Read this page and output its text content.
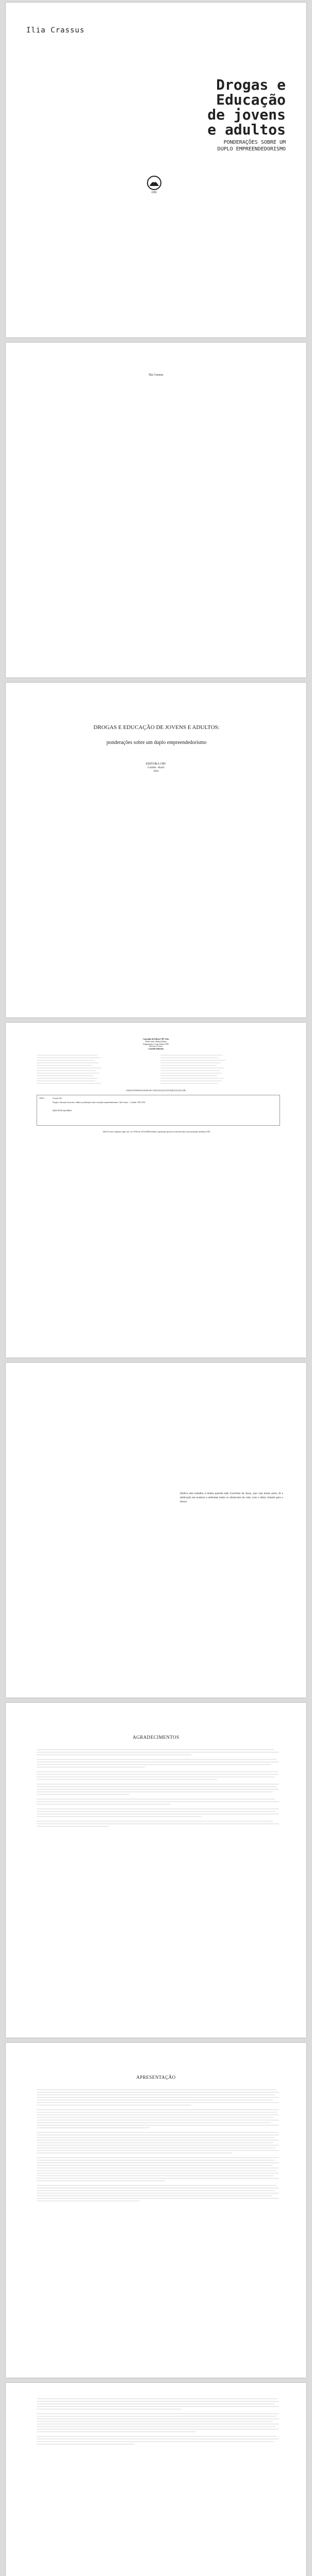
Ilia Crassus
Drogas e
Educação
de jovens
e adultos
PONDERAÇÕES SOBRE UM
DUPLO EMPREENDEDORISMO
CRV
Ilia Crassus
DROGAS E EDUCAÇÃO DE JOVENS E ADULTOS:
ponderações sobre um duplo empreendedorismo
EDITORA CRV
Curitiba - Brasil
2016
Copyright da Editora CRV Ltda.
Editor-chefe: Railson Moura
Diagramação e Capa: Editora CRV
Revisão: O Autor
Conselho Editorial:
DADOS INTERNACIONAIS DE CATALOGAÇÃO NA PUBLICAÇÃO (CIP)
C891d	Crassus, Ilia
Drogas e educação de jovens e adultos: ponderações sobre um duplo empreendedorismo / Ilia Crassus – Curitiba: CRV, 2016.
ISBN 978-85-444-0000-0
2016 Foi feito o depósito legal conf. Lei 10.994 de 14/12/2004 Proibida a reprodução parcial ou total desta obra sem autorização da Editora CRV
Dedico este trabalho à minha querida mãe Gracilene de Jesus, que com muito amor, fé e dedicação me ensinou a enfrentar todos os obstáculos da vida, com o olhar voltado para o futuro.
AGRADECIMENTOS
APRESENTAÇÃO
